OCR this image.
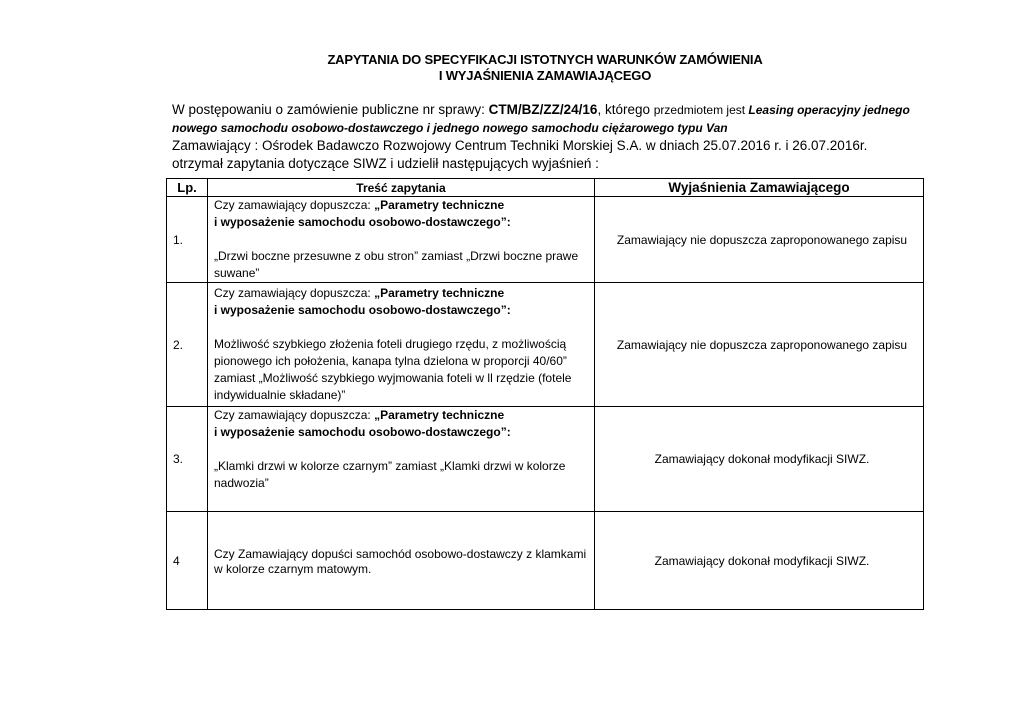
ZAPYTANIA DO SPECYFIKACJI ISTOTNYCH WARUNKÓW ZAMÓWIENIA
I WYJAŚNIENIA ZAMAWIAJĄCEGO
W postępowaniu o zamówienie publiczne nr sprawy: CTM/BZ/ZZ/24/16, którego przedmiotem jest Leasing operacyjny jednego nowego samochodu osobowo-dostawczego i jednego nowego samochodu ciężarowego typu Van
Zamawiający : Ośrodek Badawczo Rozwojowy Centrum Techniki Morskiej S.A. w dniach 25.07.2016 r. i 26.07.2016r. otrzymał zapytania dotyczące SIWZ i udzielił następujących wyjaśnień :
Lp.	Treść zapytania	Wyjaśnienia Zamawiającego
1.	Czy zamawiający dopuszcza: „Parametry techniczne
i wyposażenie samochodu osobowo-dostawczego”:
„Drzwi boczne przesuwne z obu stron” zamiast „Drzwi boczne prawe suwane”	Zamawiający nie dopuszcza zaproponowanego zapisu
2.	Czy zamawiający dopuszcza: „Parametry techniczne
i wyposażenie samochodu osobowo-dostawczego”:
Możliwość szybkiego złożenia foteli drugiego rzędu, z możliwością pionowego ich położenia, kanapa tylna dzielona w proporcji 40/60” zamiast „Możliwość szybkiego wyjmowania foteli w ll rzędzie (fotele indywidualnie składane)”	Zamawiający nie dopuszcza zaproponowanego zapisu
3.	Czy zamawiający dopuszcza: „Parametry techniczne
i wyposażenie samochodu osobowo-dostawczego”:
„Klamki drzwi w kolorze czarnym” zamiast „Klamki drzwi w kolorze nadwozia”	Zamawiający dokonał modyfikacji SIWZ.
4	Czy Zamawiający dopuści samochód osobowo-dostawczy z klamkami
w kolorze czarnym matowym.	Zamawiający dokonał modyfikacji SIWZ.
